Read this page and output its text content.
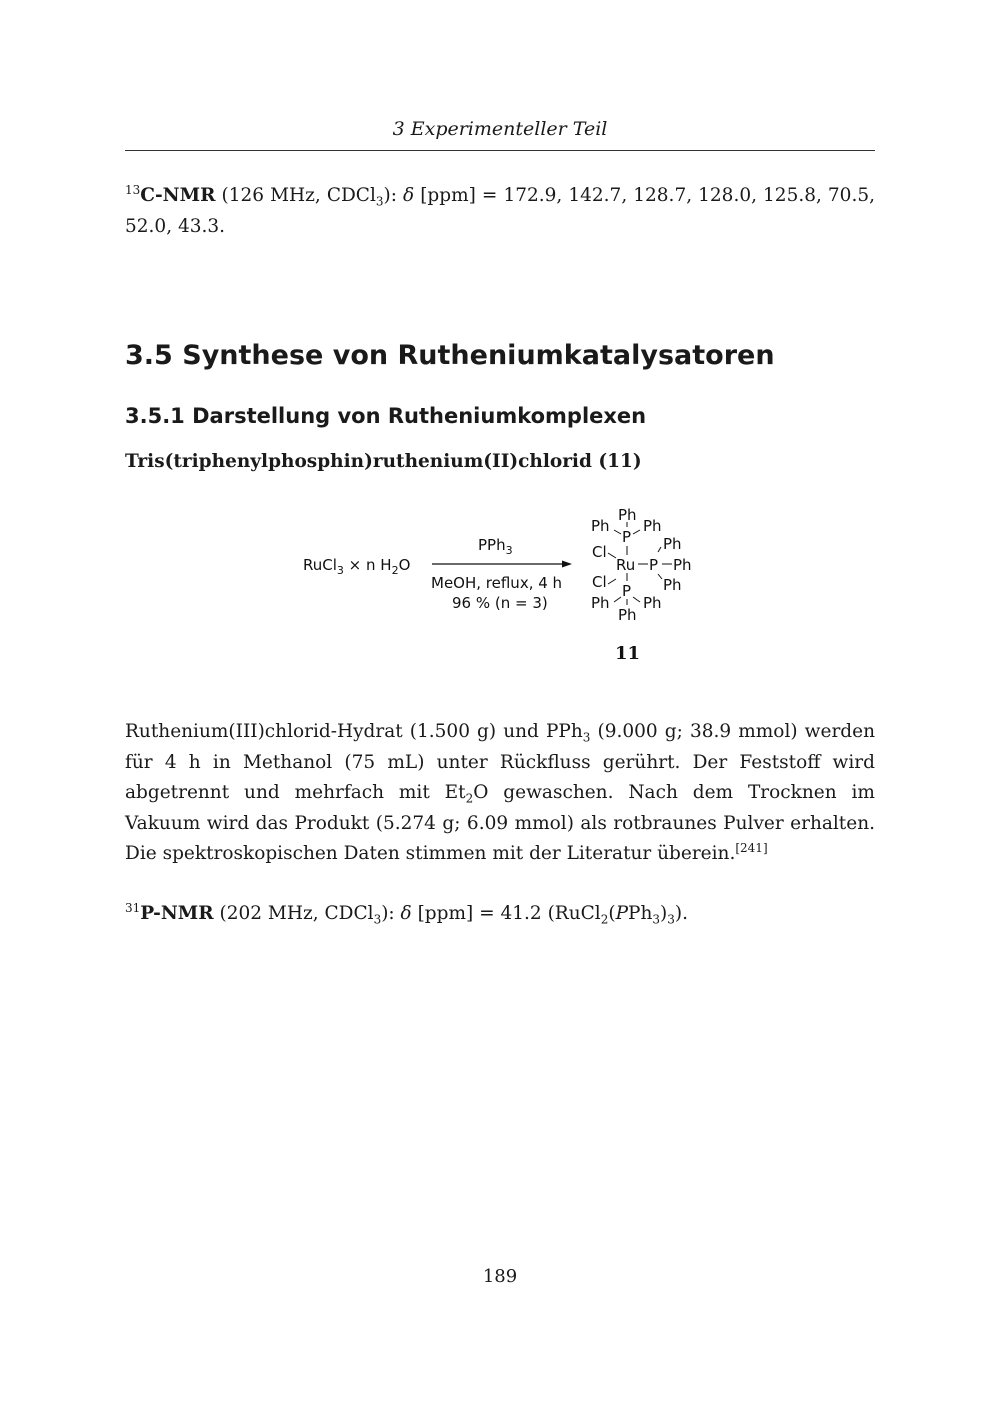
3 Experimenteller Teil
$^{13}$C-NMR (126 MHz, CDCl$_3$): δ [ppm] = 172.9, 142.7, 128.7, 128.0, 125.8, 70.5, 52.0, 43.3.
3.5 Synthese von Rutheniumkatalysatoren
3.5.1 Darstellung von Rutheniumkomplexen
Tris(triphenylphosphin)ruthenium(II)chlorid (11)
RuCl$_3$ × n $H_2O$
PPh$_3$
MeOH, reflux, 4 h
96 % (n = 3)
Ph
Ph Ph
P
Cl
Ru P Ph
Ph
Ph
Cl P
Ph Ph
Ph
11
Ruthenium(III)chlorid-Hydrat (1.500 g) und PPh$_3$ (9.000 g; 38.9 mmol) werden für 4 h in Methanol (75 mL) unter Rückfluss gerührt. Der Feststoff wird abgetrennt und mehrfach mit $Et_2O$ gewaschen. Nach dem Trocknen im Vakuum wird das Produkt (5.274 g; 6.09 mmol) als rotbraunes Pulver erhalten. Die spektroskopischen Daten stimmen mit der Literatur überein.[241]
$^{31}$P-NMR (202 MHz, CDCl$_3$): δ [ppm] = 41.2 $(RuCl_2(PPh_3)_3)$.
189
